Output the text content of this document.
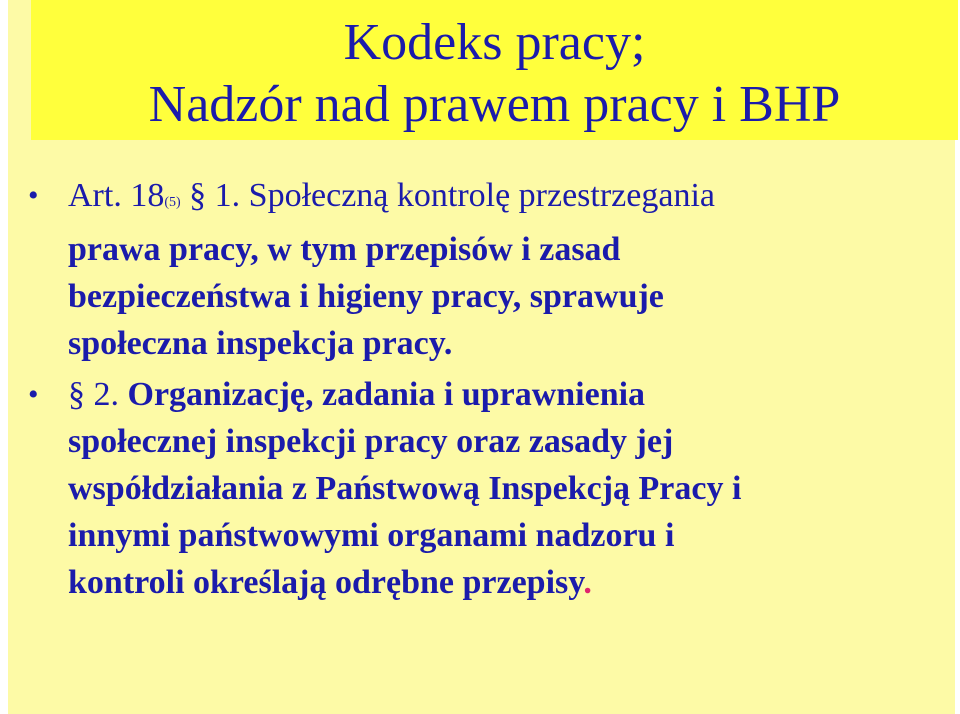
Kodeks pracy;
Nadzór nad prawem pracy i BHP
• Art. 18(5) § 1. Społeczną kontrolę przestrzegania
prawa pracy, w tym przepisów i zasad
bezpieczeństwa i higieny pracy, sprawuje
społeczna inspekcja pracy.
• § 2. Organizację, zadania i uprawnienia
społecznej inspekcji pracy oraz zasady jej
współdziałania z Państwową Inspekcją Pracy i
innymi państwowymi organami nadzoru i
kontroli określają odrębne przepisy.
